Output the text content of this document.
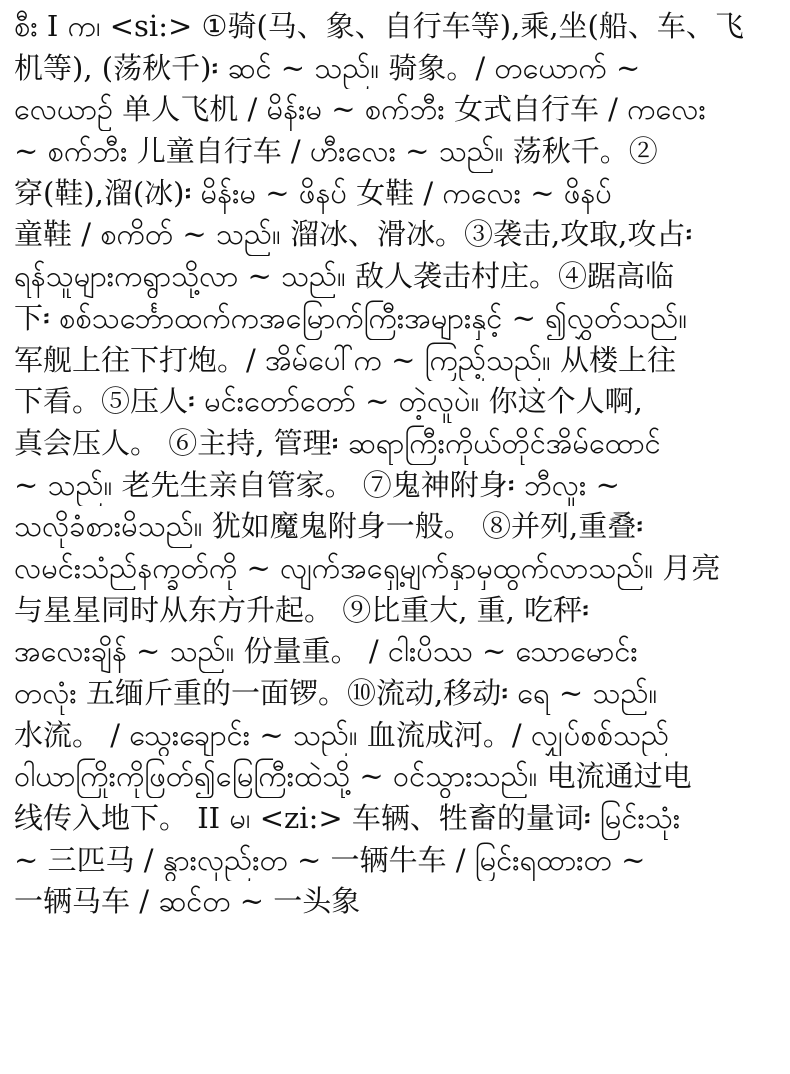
စီး I က၊ <si:> ①骑(马、象、自行车等),乘,坐(船、车、飞
机等), (荡秋千)፡ ဆင် ~ သည်။ 骑象。/ တယောက် ~
လေယာဉ် 单人飞机 / မိန်းမ ~ စက်ဘီး 女式自行车 / ကလေး
~ စက်ဘီး 儿童自行车 / ဟီးလေး ~ သည်။ 荡秋千。②
穿(鞋),溜(冰)፡ မိန်းမ ~ ဖိနပ် 女鞋 / ကလေး ~ ဖိနပ်
童鞋 / စကိတ် ~ သည်။ 溜冰、滑冰。③袭击,攻取,攻占፡
ရန်သူများကရွာသို့လာ ~ သည်။ 敌人袭击村庄。④踞高临
下፡ စစ်သင်္ဘောထက်ကအမြောက်ကြီးအများနှင့် ~ ၍လွှတ်သည်။
军舰上往下打炮。/ အိမ်ပေါ်က ~ ကြည့်သည်။ 从楼上往
下看。⑤压人፡ မင်းတော်တော် ~ တဲ့လူပဲ။ 你这个人啊,
真会压人。 ⑥主持, 管理፡ ဆရာကြီးကိုယ်တိုင်အိမ်ထောင်
~ သည်။ 老先生亲自管家。 ⑦鬼神附身፡ ဘီလူး ~
သလိုခံစားမိသည်။ 犹如魔鬼附身一般。 ⑧并列,重叠፡
လမင်းသံည်နက္ခတ်ကို ~ လျက်အရှေ့မျက်နှာမှထွက်လာသည်။ 月亮
与星星同时从东方升起。 ⑨比重大, 重, 吃秤፡
အလေးချိန် ~ သည်။ 份量重。 / ငါးပိဿ ~ သောမောင်း
တလုံး 五缅斤重的一面锣。⑩流动,移动፡ ရေ ~ သည်။
水流。 / သွေးချောင်း ~ သည်။ 血流成河。/ လျှပ်စစ်သည်
ဝါယာကြိုးကိုဖြတ်၍မြေကြီးထဲသို့ ~ ဝင်သွားသည်။ 电流通过电
线传入地下。 II မ၊ <zi:> 车辆、牲畜的量词፡ မြင်းသုံး
~ 三匹马 / နွားလှည်းတ ~ 一辆牛车 / မြင်းရထားတ ~
一辆马车 / ဆင်တ ~ 一头象
